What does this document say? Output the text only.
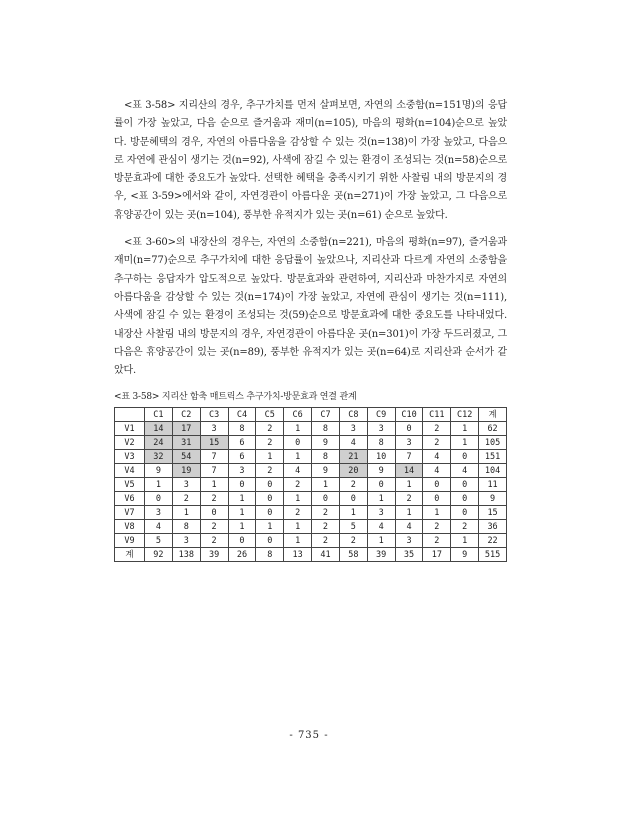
<표 3-58> 지리산의 경우, 추구가치를 먼저 살펴보면, 자연의 소중함(n=151명)의 응답률이 가장 높았고, 다음 순으로 즐거움과 재미(n=105), 마음의 평화(n=104)순으로 높았다. 방문혜택의 경우, 자연의 아름다움을 감상할 수 있는 것(n=138)이 가장 높았고, 다음으로 자연에 관심이 생기는 것(n=92), 사색에 잠길 수 있는 환경이 조성되는 것(n=58)순으로 방문효과에 대한 중요도가 높았다. 선택한 혜택을 충족시키기 위한 사찰림 내의 방문지의 경우, <표 3-59>에서와 같이, 자연경관이 아름다운 곳(n=271)이 가장 높았고, 그 다음으로 휴양공간이 있는 곳(n=104), 풍부한 유적지가 있는 곳(n=61) 순으로 높았다.

<표 3-60>의 내장산의 경우는, 자연의 소중함(n=221), 마음의 평화(n=97), 즐거움과 재미(n=77)순으로 추구가치에 대한 응답률이 높았으나, 지리산과 다르게 자연의 소중함을 추구하는 응답자가 압도적으로 높았다. 방문효과와 관련하여, 지리산과 마찬가지로 자연의 아름다움을 감상할 수 있는 것(n=174)이 가장 높았고, 자연에 관심이 생기는 것(n=111), 사색에 잠길 수 있는 환경이 조성되는 것(59)순으로 방문효과에 대한 중요도를 나타내었다. 내장산 사찰림 내의 방문지의 경우, 자연경관이 아름다운 곳(n=301)이 가장 두드러졌고, 그 다음은 휴양공간이 있는 곳(n=89), 풍부한 유적지가 있는 곳(n=64)로 지리산과 순서가 같았다.

<표 3-58> 지리산 함축 매트릭스 추구가치-방문효과 연결 관계
	C1	C2	C3	C4	C5	C6	C7	C8	C9	C10	C11	C12	계
V1	14	17	3	8	2	1	8	3	3	0	2	1	62
V2	24	31	15	6	2	0	9	4	8	3	2	1	105
V3	32	54	7	6	1	1	8	21	10	7	4	0	151
V4	9	19	7	3	2	4	9	20	9	14	4	4	104
V5	1	3	1	0	0	2	1	2	0	1	0	0	11
V6	0	2	2	1	0	1	0	0	1	2	0	0	9
V7	3	1	0	1	0	2	2	1	3	1	1	0	15
V8	4	8	2	1	1	1	2	5	4	4	2	2	36
V9	5	3	2	0	0	1	2	2	1	3	2	1	22
계	92	138	39	26	8	13	41	58	39	35	17	9	515
- 735 -
